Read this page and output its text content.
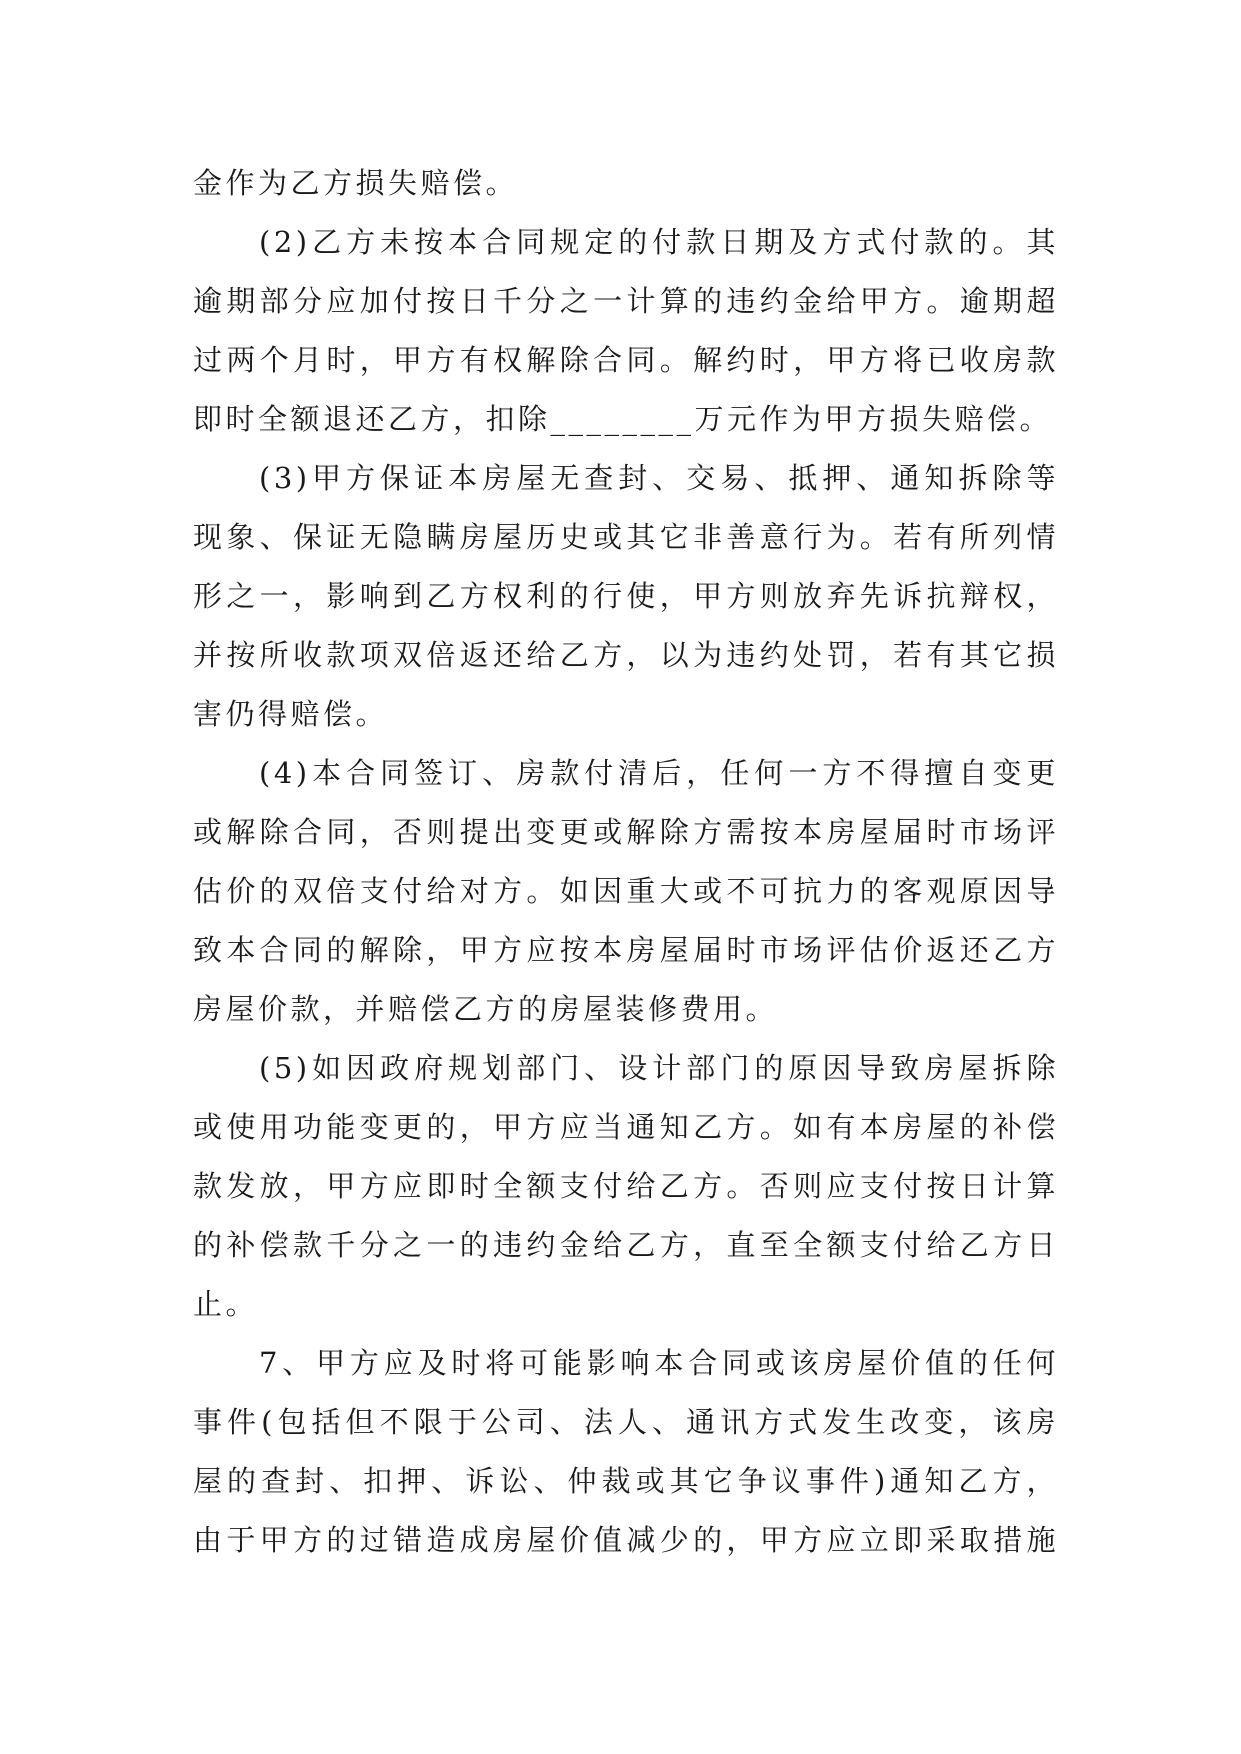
金作为乙方损失赔偿。
(2)乙方未按本合同规定的付款日期及方式付款的。其
逾期部分应加付按日千分之一计算的违约金给甲方。逾期超
过两个月时，甲方有权解除合同。解约时，甲方将已收房款
即时全额退还乙方，扣除________万元作为甲方损失赔偿。
(3)甲方保证本房屋无查封、交易、抵押、通知拆除等
现象、保证无隐瞒房屋历史或其它非善意行为。若有所列情
形之一，影响到乙方权利的行使，甲方则放弃先诉抗辩权，
并按所收款项双倍返还给乙方，以为违约处罚，若有其它损
害仍得赔偿。
(4)本合同签订、房款付清后，任何一方不得擅自变更
或解除合同，否则提出变更或解除方需按本房屋届时市场评
估价的双倍支付给对方。如因重大或不可抗力的客观原因导
致本合同的解除，甲方应按本房屋届时市场评估价返还乙方
房屋价款，并赔偿乙方的房屋装修费用。
(5)如因政府规划部门、设计部门的原因导致房屋拆除
或使用功能变更的，甲方应当通知乙方。如有本房屋的补偿
款发放，甲方应即时全额支付给乙方。否则应支付按日计算
的补偿款千分之一的违约金给乙方，直至全额支付给乙方日
止。
7、甲方应及时将可能影响本合同或该房屋价值的任何
事件(包括但不限于公司、法人、通讯方式发生改变，该房
屋的查封、扣押、诉讼、仲裁或其它争议事件)通知乙方，
由于甲方的过错造成房屋价值减少的，甲方应立即采取措施
